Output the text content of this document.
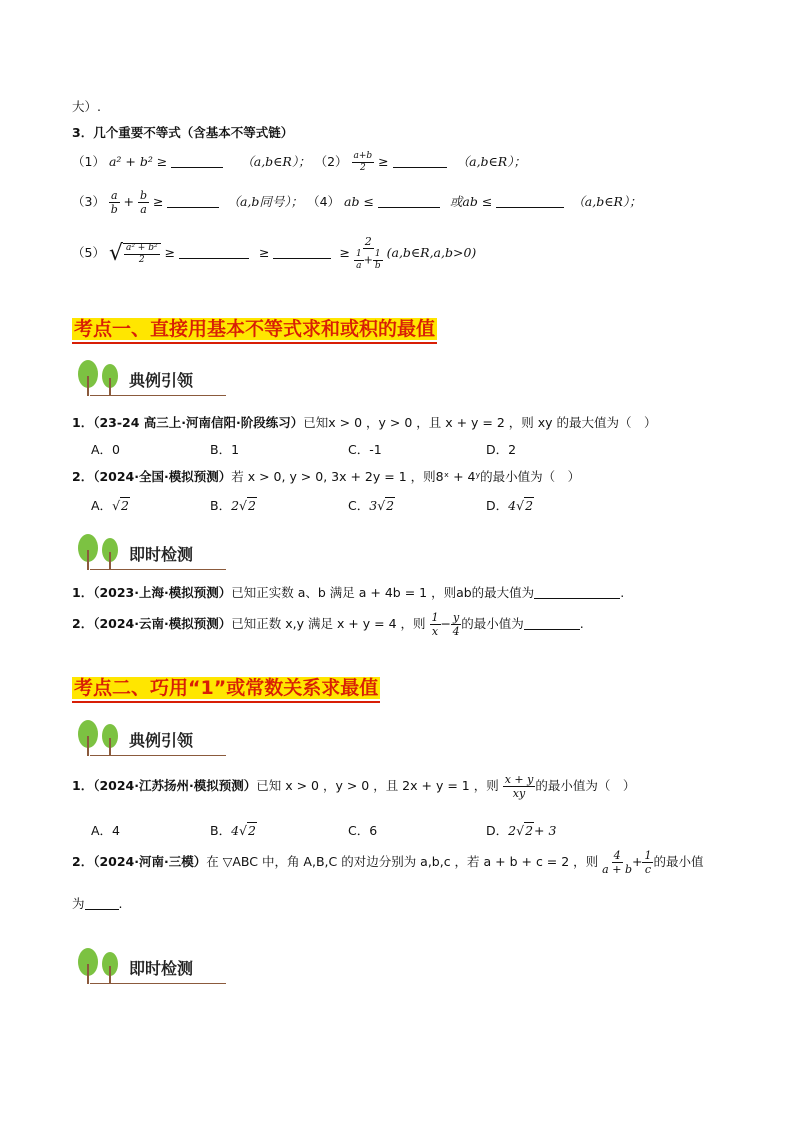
大）.
3．几个重要不等式（含基本不等式链）
（1） a² + b² ≥	（a,b∈R）； $(2) \frac{a+b}{2}$ ≥	（a,b∈R）；
$(3) \frac{a}{b} + \frac{b}{a}$ ≥	（a,b同号）； （4） ab ≤	或ab ≤	（a,b∈R）；
（5） √ $\frac{\text{a² + b²}}{2}$ ≥	≥	≥ $\frac{2}{\frac{1}{a} + \frac{1}{b}}$ (a,b∈R,a,b>0)
考点一、直接用基本不等式求和或积的最值
典例引领
1．（23-24 高三上·河南信阳·阶段练习）已知x > 0 ，y > 0 ，且 x + y = 2 ，则 xy 的最大值为（　）
A．0	B．1	C．-1	D．2
2．（2024·全国·模拟预测）若 x > 0, y > 0, 3x + 2y = 1 ，则8ˣ + 4ʸ的最小值为（　）
A．√2	B．2√2	C．3√2	D．4√2
即时检测
1．（2023·上海·模拟预测）已知正实数 a、b 满足 a + 4b = 1 ，则ab的最大值为	.
2．（2024·云南·模拟预测）已知正数 x,y 满足 x + y = 4 ，则 $\frac{1}{x} - \frac{y}{4}$ 的最小值为	.
考点二、巧用“1”或常数关系求最值
典例引领
1．（2024·江苏扬州·模拟预测）已知 x > 0 ，y > 0 ，且 2x + y = 1 ，则 $\frac{x + y}{xy}$ 的最小值为（　）
A．4	B．4√2	C．6	D．2√2+ 3
2．（2024·河南·三模）在 ▽ABC 中，角 A,B,C 的对边分别为 a,b,c ，若 a + b + c = 2 ，则 $\frac{4}{a + b} + \frac{1}{c}$ 的最小值
为	.
即时检测
